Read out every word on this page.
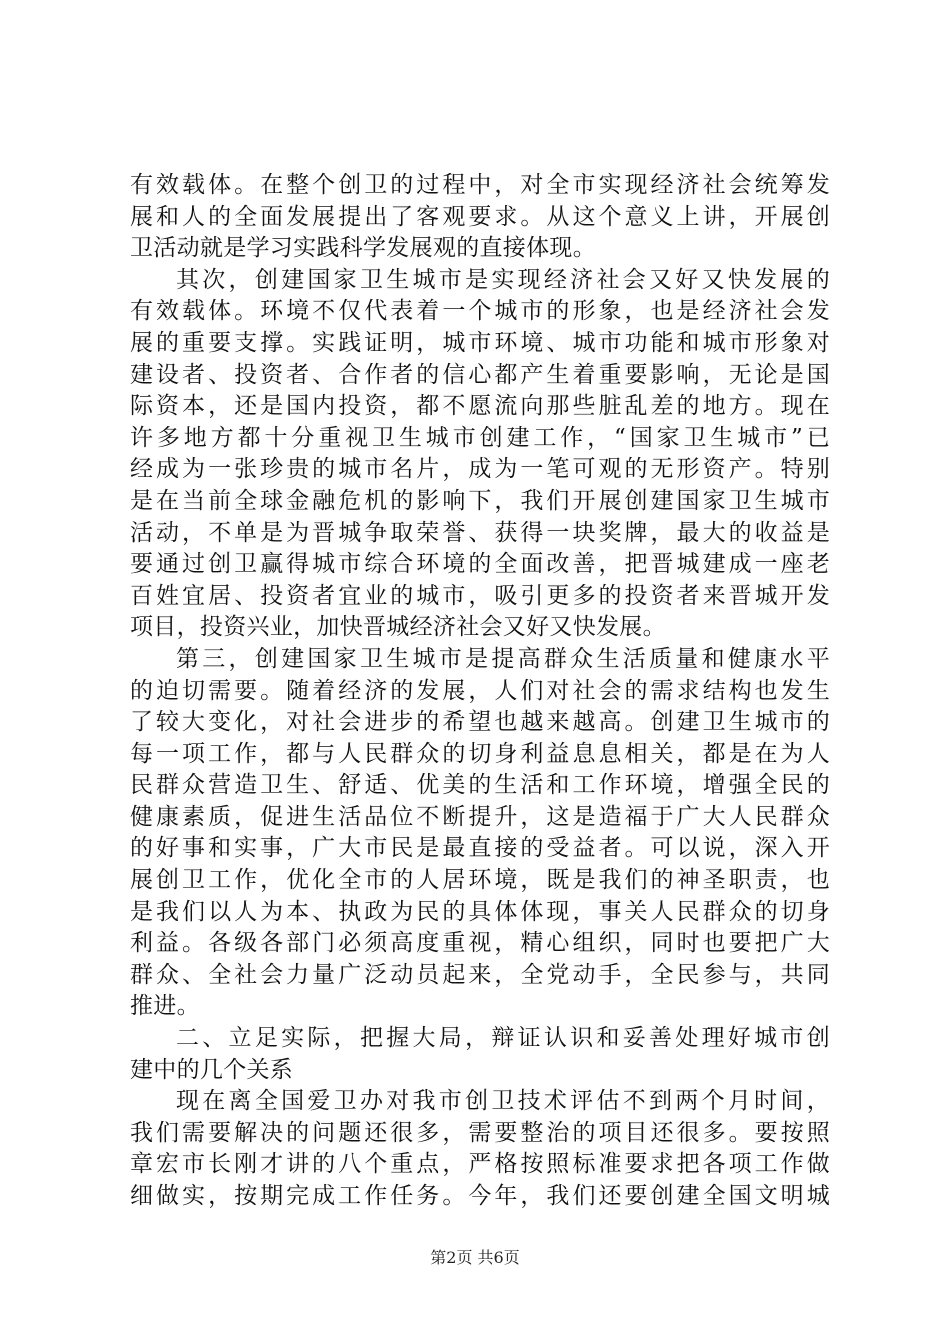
有效载体。在整个创卫的过程中，对全市实现经济社会统筹发
展和人的全面发展提出了客观要求。从这个意义上讲，开展创
卫活动就是学习实践科学发展观的直接体现。
其次，创建国家卫生城市是实现经济社会又好又快发展的
有效载体。环境不仅代表着一个城市的形象，也是经济社会发
展的重要支撑。实践证明，城市环境、城市功能和城市形象对
建设者、投资者、合作者的信心都产生着重要影响，无论是国
际资本，还是国内投资，都不愿流向那些脏乱差的地方。现在
许多地方都十分重视卫生城市创建工作，“国家卫生城市”已
经成为一张珍贵的城市名片，成为一笔可观的无形资产。特别
是在当前全球金融危机的影响下，我们开展创建国家卫生城市
活动，不单是为晋城争取荣誉、获得一块奖牌，最大的收益是
要通过创卫赢得城市综合环境的全面改善，把晋城建成一座老
百姓宜居、投资者宜业的城市，吸引更多的投资者来晋城开发
项目，投资兴业，加快晋城经济社会又好又快发展。
第三，创建国家卫生城市是提高群众生活质量和健康水平
的迫切需要。随着经济的发展，人们对社会的需求结构也发生
了较大变化，对社会进步的希望也越来越高。创建卫生城市的
每一项工作，都与人民群众的切身利益息息相关，都是在为人
民群众营造卫生、舒适、优美的生活和工作环境，增强全民的
健康素质，促进生活品位不断提升，这是造福于广大人民群众
的好事和实事，广大市民是最直接的受益者。可以说，深入开
展创卫工作，优化全市的人居环境，既是我们的神圣职责，也
是我们以人为本、执政为民的具体体现，事关人民群众的切身
利益。各级各部门必须高度重视，精心组织，同时也要把广大
群众、全社会力量广泛动员起来，全党动手，全民参与，共同
推进。
二、立足实际，把握大局，辩证认识和妥善处理好城市创
建中的几个关系
现在离全国爱卫办对我市创卫技术评估不到两个月时间，
我们需要解决的问题还很多，需要整治的项目还很多。要按照
章宏市长刚才讲的八个重点，严格按照标准要求把各项工作做
细做实，按期完成工作任务。今年，我们还要创建全国文明城
第2页 共6页
